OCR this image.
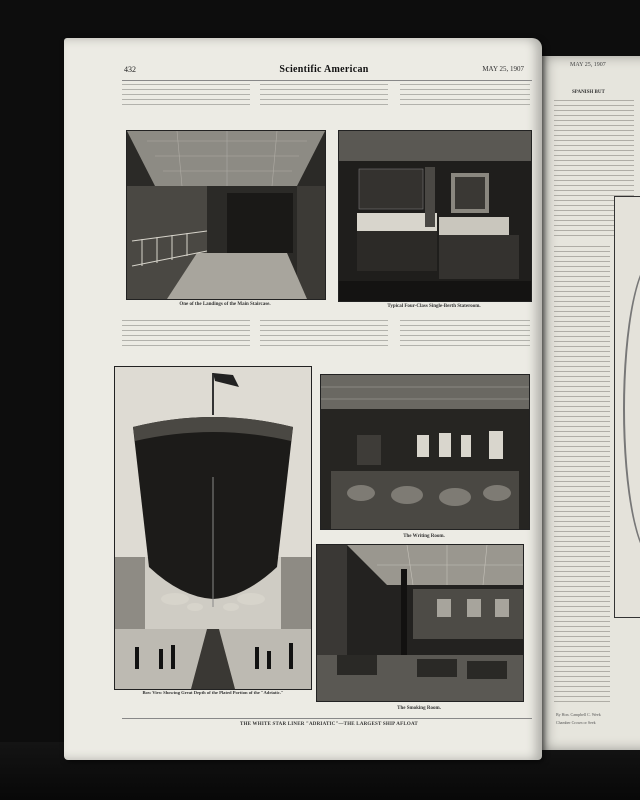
MAY 25, 1907
SPANISH BUT
By Hon. Campbell C. Week
Chamber Crown or Seek
432	Scientific American	MAY 25, 1907
One of the Landings of the Main Staircase.	Typical Four-Class Single-Berth Stateroom.
Bow View Showing Great Depth of the Plated Portion of the "Adriatic."
The Writing Room.
The Smoking Room.
THE WHITE STAR LINER "ADRIATIC"—THE LARGEST SHIP AFLOAT
